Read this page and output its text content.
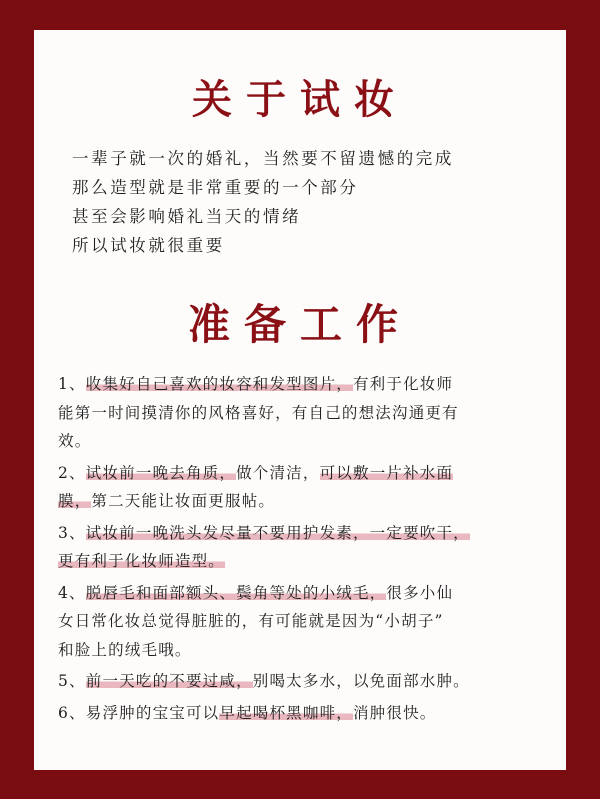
关于试妆
一辈子就一次的婚礼，当然要不留遗憾的完成
那么造型就是非常重要的一个部分
甚至会影响婚礼当天的情绪
所以试妆就很重要
准备工作
1、收集好自己喜欢的妆容和发型图片，有利于化妆师
能第一时间摸清你的风格喜好，有自己的想法沟通更有
效。
2、试妆前一晚去角质，做个清洁，可以敷一片补水面
膜，第二天能让妆面更服帖。
3、试妆前一晚洗头发尽量不要用护发素，一定要吹干，
更有利于化妆师造型。
4、脱唇毛和面部额头、鬓角等处的小绒毛，很多小仙
女日常化妆总觉得脏脏的，有可能就是因为“小胡子”
和脸上的绒毛哦。
5、前一天吃的不要过咸，别喝太多水，以免面部水肿。
6、易浮肿的宝宝可以早起喝杯黑咖啡，消肿很快。
